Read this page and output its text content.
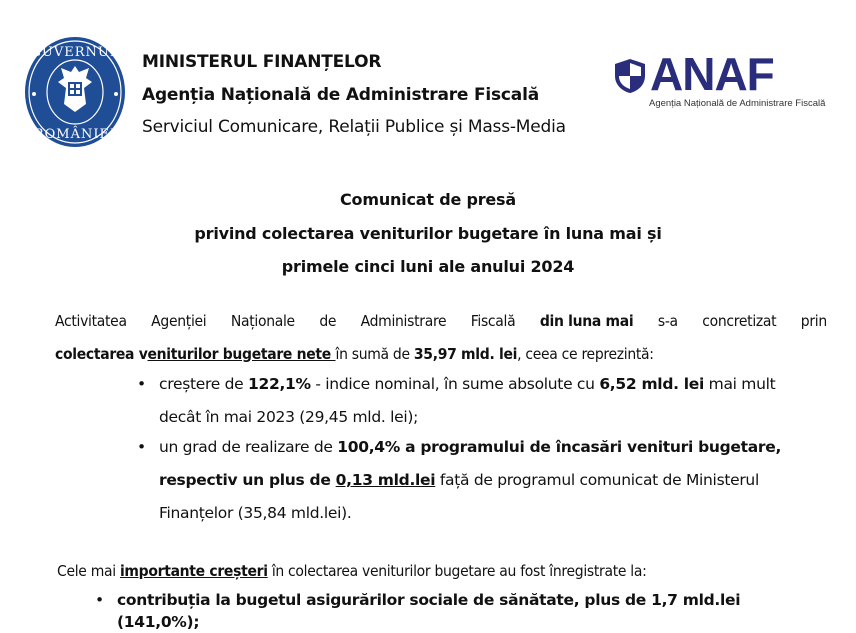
GUVERNUL
ROMÂNIEI
MINISTERUL FINANȚELOR
Agenția Națională de Administrare Fiscală
Serviciul Comunicare, Relații Publice și Mass-Media
ANAF
Agenția Națională de Administrare Fiscală
Comunicat de presă
privind colectarea veniturilor bugetare în luna mai și
primele cinci luni ale anului 2024
Activitatea Agenției Naționale de Administrare Fiscală din luna mai s-a concretizat prin
colectarea veniturilor bugetare nete în sumă de 35,97 mld. lei, ceea ce reprezintă:
• creștere de 122,1% - indice nominal, în sume absolute cu 6,52 mld. lei mai mult
decât în mai 2023 (29,45 mld. lei);
• un grad de realizare de 100,4% a programului de încasări venituri bugetare,
respectiv un plus de 0,13 mld.lei față de programul comunicat de Ministerul
Finanțelor (35,84 mld.lei).
Cele mai importante creșteri în colectarea veniturilor bugetare au fost înregistrate la:
• contribuția la bugetul asigurărilor sociale de sănătate, plus de 1,7 mld.lei (141,0%);
